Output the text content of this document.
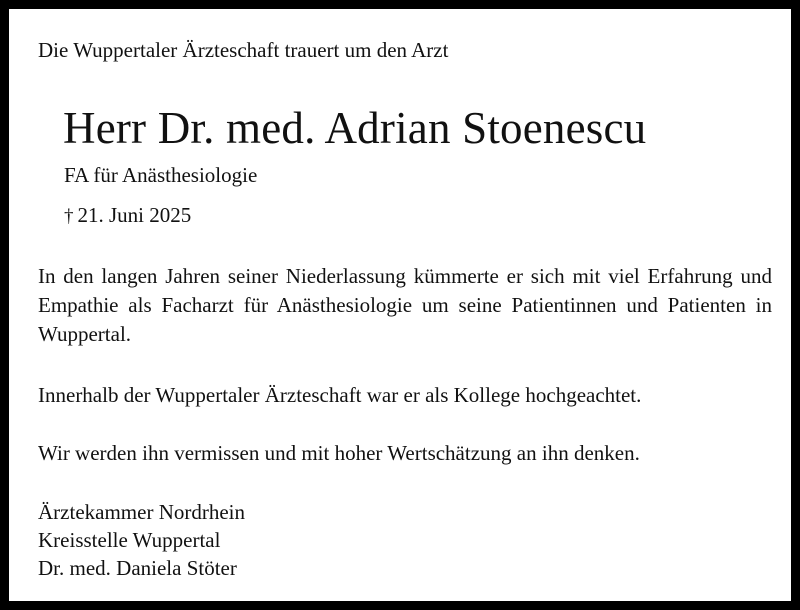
Die Wuppertaler Ärzteschaft trauert um den Arzt
Herr Dr. med. Adrian Stoenescu
FA für Anästhesiologie
† 21. Juni 2025
In den langen Jahren seiner Niederlassung kümmerte er sich mit viel Erfahrung und Empathie als Facharzt für Anästhesiologie um seine Patientinnen und Patienten in Wuppertal.
Innerhalb der Wuppertaler Ärzteschaft war er als Kollege hochgeachtet.
Wir werden ihn vermissen und mit hoher Wertschätzung an ihn denken.
Ärztekammer Nordrhein
Kreisstelle Wuppertal
Dr. med. Daniela Stöter
